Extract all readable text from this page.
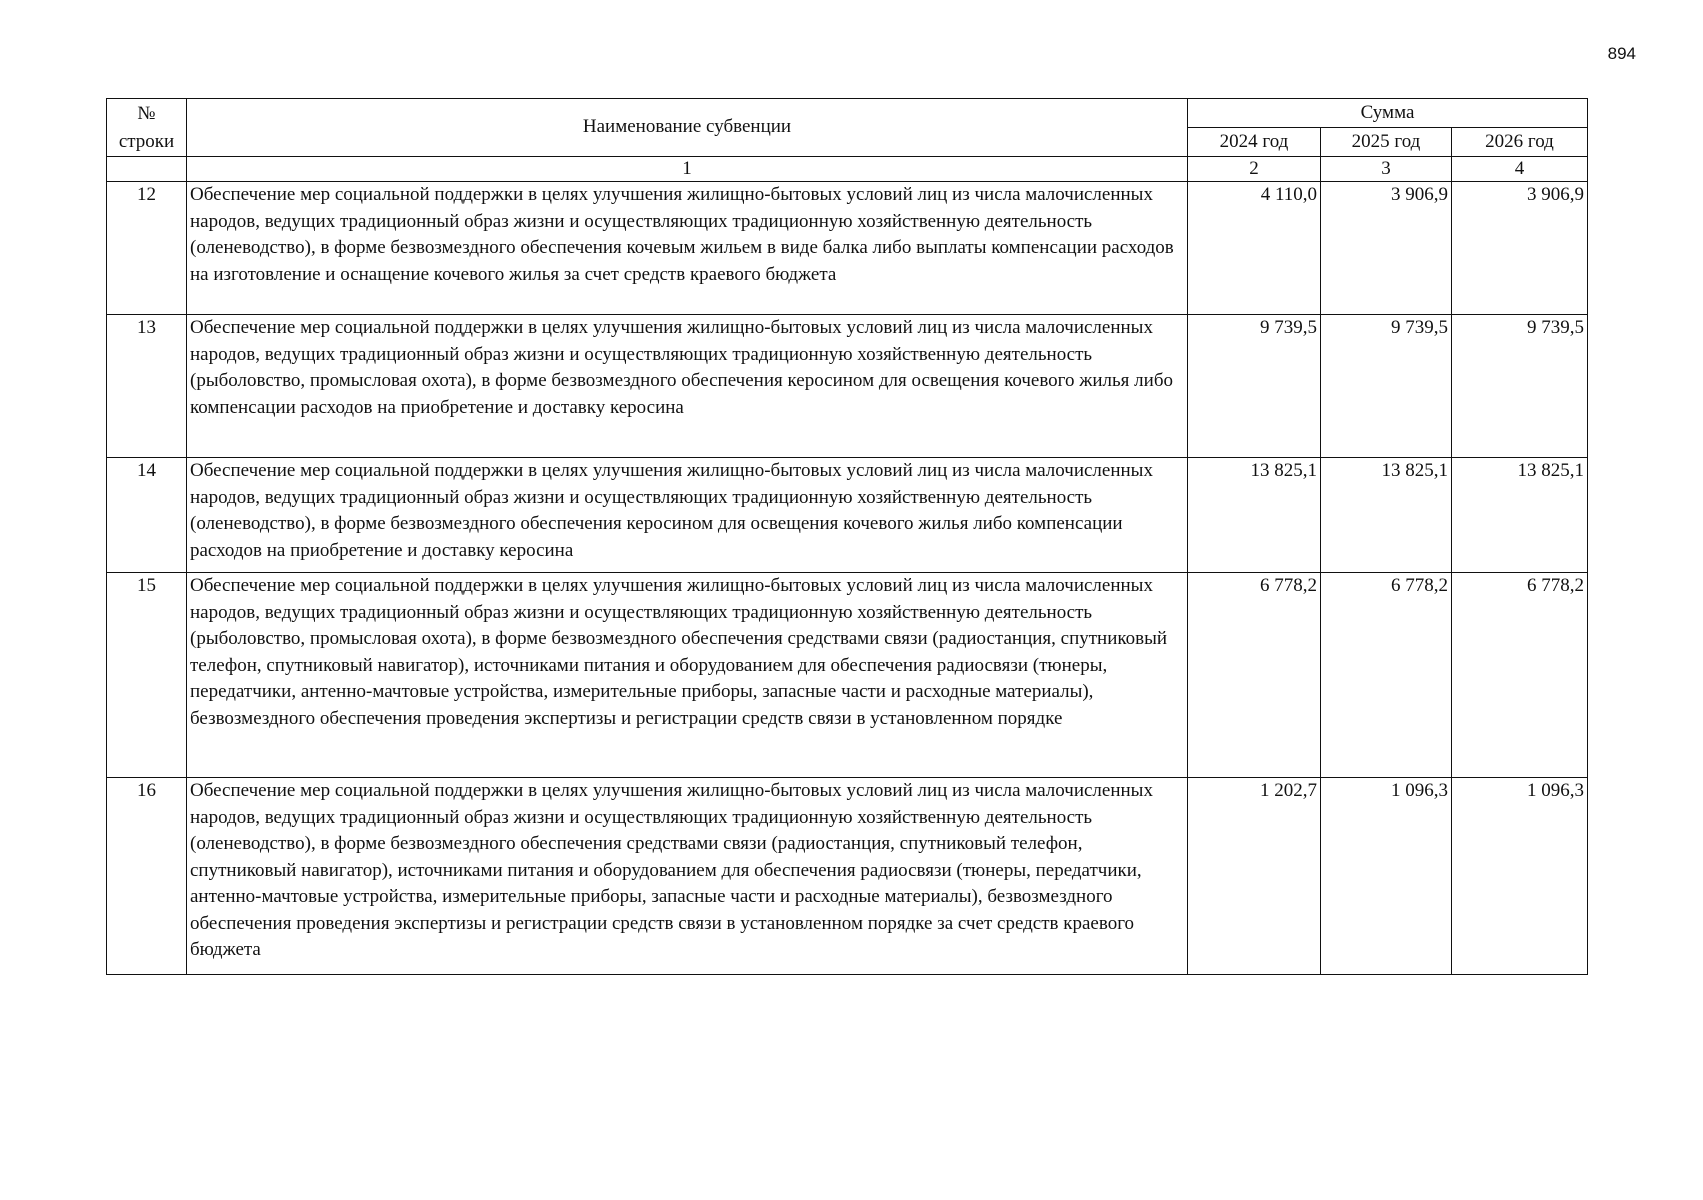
894
№ строки	Наименование субвенции	Сумма		
		2024 год	2025 год	2026 год
	1	2	3	4
12	Обеспечение мер социальной поддержки в целях улучшения жилищно-бытовых условий лиц из числа малочисленных народов, ведущих традиционный образ жизни и осуществляющих традиционную хозяйственную деятельность (оленеводство), в форме безвозмездного обеспечения кочевым жильем в виде балка либо выплаты компенсации расходов на изготовление и оснащение кочевого жилья за счет средств краевого бюджета	4 110,0	3 906,9	3 906,9
13	Обеспечение мер социальной поддержки в целях улучшения жилищно-бытовых условий лиц из числа малочисленных народов, ведущих традиционный образ жизни и осуществляющих традиционную хозяйственную деятельность (рыболовство, промысловая охота), в форме безвозмездного обеспечения керосином для освещения кочевого жилья либо компенсации расходов на приобретение и доставку керосина	9 739,5	9 739,5	9 739,5
14	Обеспечение мер социальной поддержки в целях улучшения жилищно-бытовых условий лиц из числа малочисленных народов, ведущих традиционный образ жизни и осуществляющих традиционную хозяйственную деятельность (оленеводство), в форме безвозмездного обеспечения керосином для освещения кочевого жилья либо компенсации расходов на приобретение и доставку керосина	13 825,1	13 825,1	13 825,1
15	Обеспечение мер социальной поддержки в целях улучшения жилищно-бытовых условий лиц из числа малочисленных народов, ведущих традиционный образ жизни и осуществляющих традиционную хозяйственную деятельность (рыболовство, промысловая охота), в форме безвозмездного обеспечения средствами связи (радиостанция, спутниковый телефон, спутниковый навигатор), источниками питания и оборудованием для обеспечения радиосвязи (тюнеры, передатчики, антенно-мачтовые устройства, измерительные приборы, запасные части и расходные материалы), безвозмездного обеспечения проведения экспертизы и регистрации средств связи в установленном порядке	6 778,2	6 778,2	6 778,2
16	Обеспечение мер социальной поддержки в целях улучшения жилищно-бытовых условий лиц из числа малочисленных народов, ведущих традиционный образ жизни и осуществляющих традиционную хозяйственную деятельность (оленеводство), в форме безвозмездного обеспечения средствами связи (радиостанция, спутниковый телефон, спутниковый навигатор), источниками питания и оборудованием для обеспечения радиосвязи (тюнеры, передатчики, антенно-мачтовые устройства, измерительные приборы, запасные части и расходные материалы), безвозмездного обеспечения проведения экспертизы и регистрации средств связи в установленном порядке за счет средств краевого бюджета	1 202,7	1 096,3	1 096,3
